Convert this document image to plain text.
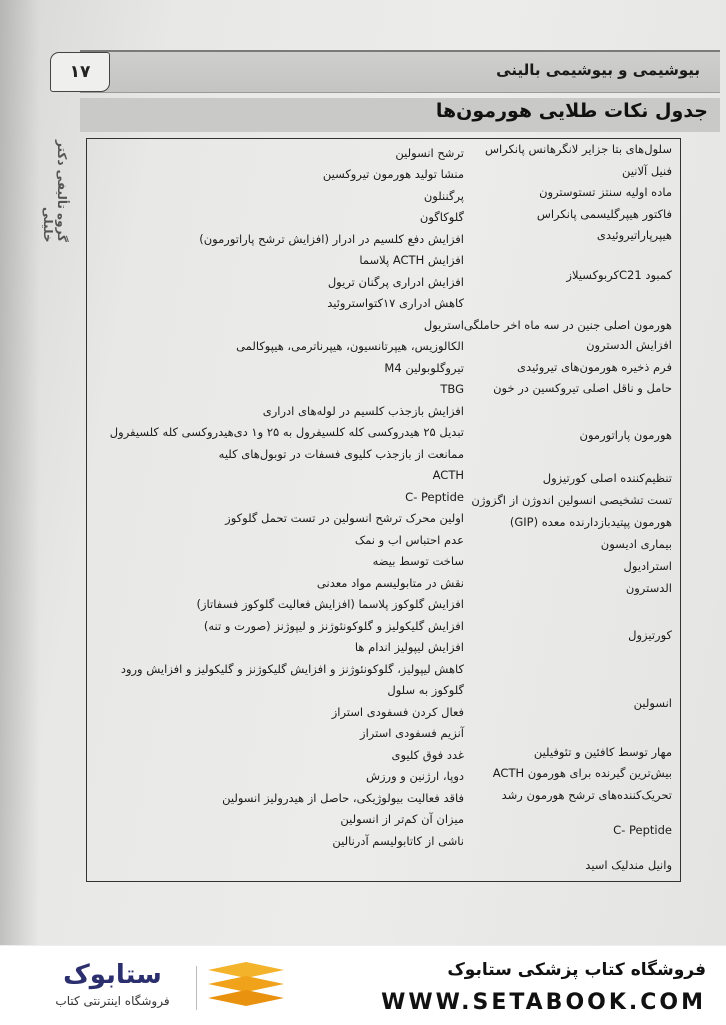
بیوشیمی و بیوشیمی بالینی
۱۷
گروه تألیفی دکتر خلیلی
جدول نکات طلایی هورمون‌ها
ترشح انسولین
منشا تولید هورمون تیروکسین
پرگننلون
گلوکاگون
افزایش دفع کلسیم در ادرار (افزایش ترشح پاراتورمون)
افزایش ACTH پلاسما
افزایش ادراری پرگنان تریول
کاهش ادراری ۱۷کتواستروئید
استریول
الکالوزیس، هیپرتانسیون، هیپرناترمی، هیپوکالمی
تیروگلوبولین M4
TBG
افزایش بازجذب کلسیم در لوله‌های ادراری
تبدیل ۲۵ هیدروکسی کله کلسیفرول به ۲۵ و۱ دی‌هیدروکسی کله کلسیفرول
ممانعت از بازجذب کلیوی فسفات در توبول‌های کلیه
ACTH
C- Peptide
اولین محرک ترشح انسولین در تست تحمل گلوکوز
عدم احتباس اب و نمک
ساخت توسط بیضه
نقش در متابولیسم مواد معدنی
افزایش گلوکوز پلاسما (افزایش فعالیت گلوکوز فسفاتاز)
افزایش گلیکولیز و گلوکونئوژنز و لیپوژنز (صورت و تنه)
افزایش لیپولیز اندام ها
کاهش لیپولیز، گلوکونئوژنز و افزایش گلیکوژنز و گلیکولیز و افزایش ورود
گلوکوز به سلول
فعال کردن فسفودی استراز
آنزیم فسفودی استراز
غدد فوق کلیوی
دوپا، ارژنین و ورزش
فاقد فعالیت بیولوژیکی، حاصل از هیدرولیز انسولین
میزان آن کم‌تر از انسولین
ناشی از کاتابولیسم آدرنالین
سلول‌های بتا جزایر لانگرهانس پانکراس
فنیل آلانین
ماده اولیه سنتز تستوسترون
فاکتور هیپرگلیسمی پانکراس
هیپرپاراتیروئیدی
کمبود C21کربوکسیلاز
هورمون اصلی جنین در سه ماه اخر حاملگی
افزایش الدسترون
فرم ذخیره هورمون‌های تیروئیدی
حامل و ناقل اصلی تیروکسین در خون
هورمون پاراتورمون
تنظیم‌کننده اصلی کورتیزول
تست تشخیصی انسولین اندوژن از اگزوژن
هورمون پپتیدبازدارنده معده (GIP)
بیماری ادیسون
استرادیول
الدسترون
کورتیزول
انسولین
مهار توسط کافئین و تئوفیلین
بیش‌ترین گیرنده برای هورمون ACTH
تحریک‌کننده‌های ترشح هورمون رشد
C- Peptide
وانیل مندلیک اسید
فروشگاه کتاب پزشکی ستابوک
WWW.SETABOOK.COM
ستابوک
فروشگاه اینترنتی کتاب
